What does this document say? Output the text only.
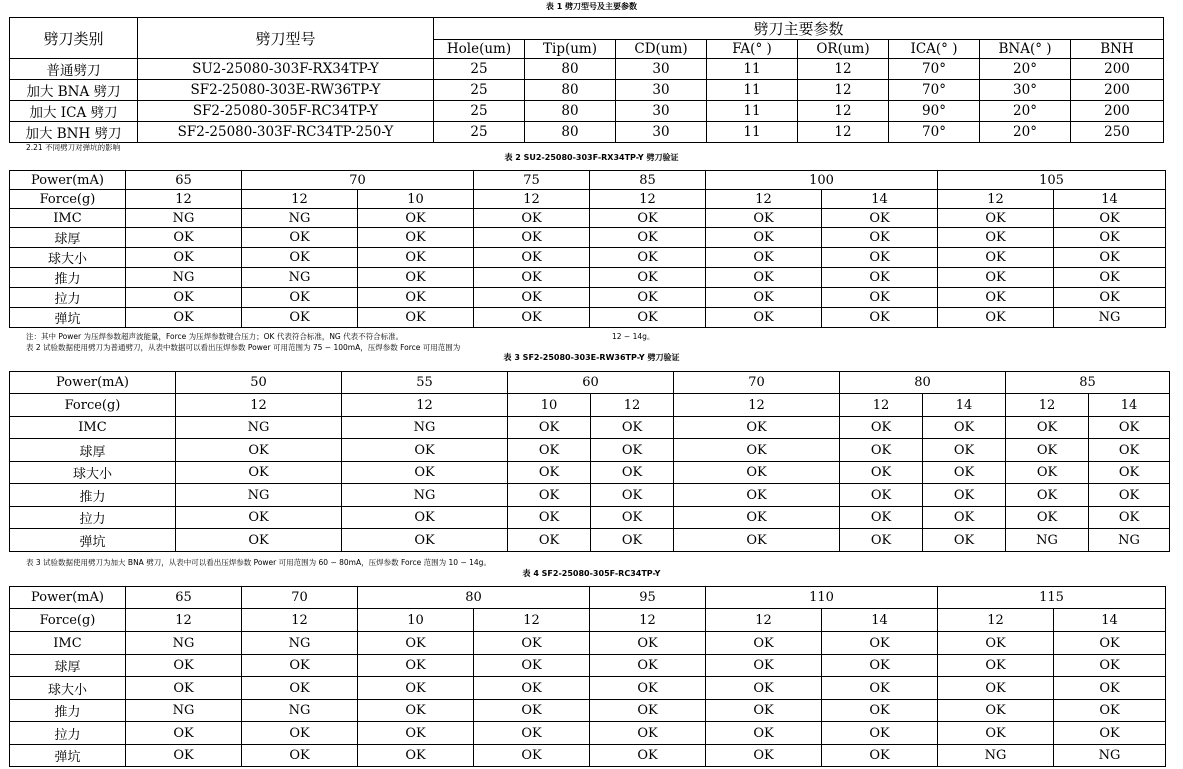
表 1 劈刀型号及主要参数
劈刀类别	劈刀型号	劈刀主要参数							
		Hole(um)	Tip(um)	CD(um)	FA(° )	OR(um)	ICA(° )	BNA(° )	BNH
普通劈刀	SU2-25080-303F-RX34TP-Y	25	80	30	11	12	70°	20°	200
加大 BNA 劈刀	SF2-25080-303E-RW36TP-Y	25	80	30	11	12	70°	30°	200
加大 ICA 劈刀	SF2-25080-305F-RC34TP-Y	25	80	30	11	12	90°	20°	200
加大 BNH 劈刀	SF2-25080-303F-RC34TP-250-Y	25	80	30	11	12	70°	20°	250
2.21 不同劈刀对弹坑的影响
表 2 SU2-25080-303F-RX34TP-Y 劈刀验证
Power(mA)	65	70		75	85	100		105	
Force(g)	12	12	10	12	12	12	14	12	14
IMC	NG	NG	OK	OK	OK	OK	OK	OK	OK
球厚	OK	OK	OK	OK	OK	OK	OK	OK	OK
球大小	OK	OK	OK	OK	OK	OK	OK	OK	OK
推力	NG	NG	OK	OK	OK	OK	OK	OK	OK
拉力	OK	OK	OK	OK	OK	OK	OK	OK	OK
弹坑	OK	OK	OK	OK	OK	OK	OK	OK	NG
注：其中 Power 为压焊参数超声波能量，Force 为压焊参数键合压力；OK 代表符合标准，NG 代表不符合标准。	12 ∽ 14g。
表 2 试验数据使用劈刀为普通劈刀，从表中数据可以看出压焊参数 Power 可用范围为 75 ∽ 100mA，压焊参数 Force 可用范围为
表 3 SF2-25080-303E-RW36TP-Y 劈刀验证
Power(mA)	50	55	60		70	80		85	
Force(g)	12	12	10	12	12	12	14	12	14
IMC	NG	NG	OK	OK	OK	OK	OK	OK	OK
球厚	OK	OK	OK	OK	OK	OK	OK	OK	OK
球大小	OK	OK	OK	OK	OK	OK	OK	OK	OK
推力	NG	NG	OK	OK	OK	OK	OK	OK	OK
拉力	OK	OK	OK	OK	OK	OK	OK	OK	OK
弹坑	OK	OK	OK	OK	OK	OK	OK	NG	NG
表 3 试验数据使用劈刀为加大 BNA 劈刀，从表中可以看出压焊参数 Power 可用范围为 60 ∽ 80mA，压焊参数 Force 范围为 10 ∽ 14g。
表 4 SF2-25080-305F-RC34TP-Y
Power(mA)	65	70	80		95	110		115	
Force(g)	12	12	10	12	12	12	14	12	14
IMC	NG	NG	OK	OK	OK	OK	OK	OK	OK
球厚	OK	OK	OK	OK	OK	OK	OK	OK	OK
球大小	OK	OK	OK	OK	OK	OK	OK	OK	OK
推力	NG	NG	OK	OK	OK	OK	OK	OK	OK
拉力	OK	OK	OK	OK	OK	OK	OK	OK	OK
弹坑	OK	OK	OK	OK	OK	OK	OK	NG	NG
